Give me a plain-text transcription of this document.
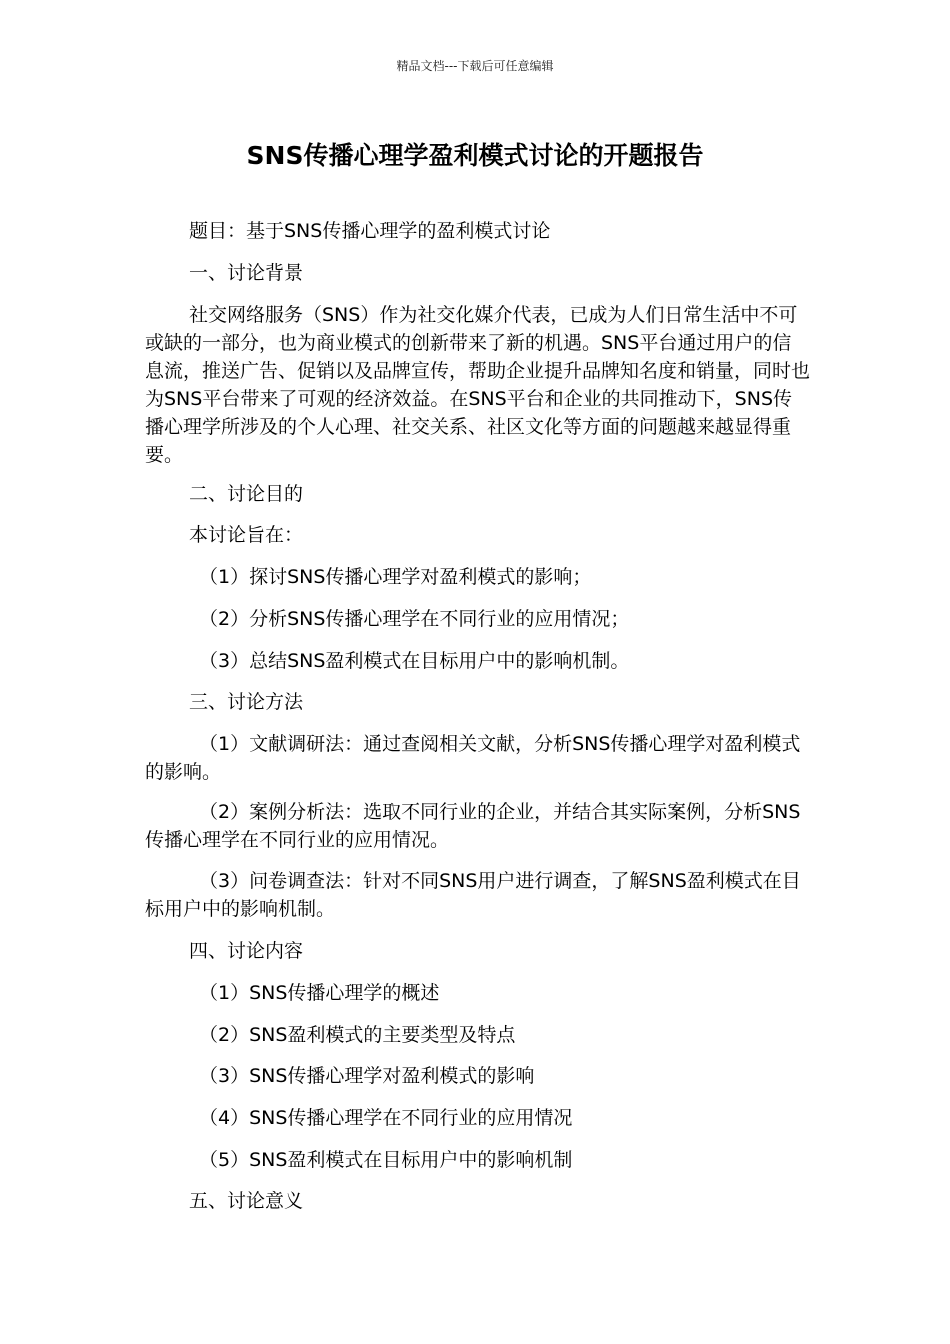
精品文档---下载后可任意编辑
SNS传播心理学盈利模式讨论的开题报告
题目：基于SNS传播心理学的盈利模式讨论
一、讨论背景
社交网络服务（SNS）作为社交化媒介代表，已成为人们日常生活中不可或缺的一部分，也为商业模式的创新带来了新的机遇。SNS平台通过用户的信息流，推送广告、促销以及品牌宣传，帮助企业提升品牌知名度和销量，同时也为SNS平台带来了可观的经济效益。在SNS平台和企业的共同推动下，SNS传播心理学所涉及的个人心理、社交关系、社区文化等方面的问题越来越显得重要。
二、讨论目的
本讨论旨在：
（1）探讨SNS传播心理学对盈利模式的影响；
（2）分析SNS传播心理学在不同行业的应用情况；
（3）总结SNS盈利模式在目标用户中的影响机制。
三、讨论方法
（1）文献调研法：通过查阅相关文献，分析SNS传播心理学对盈利模式的影响。
（2）案例分析法：选取不同行业的企业，并结合其实际案例，分析SNS传播心理学在不同行业的应用情况。
（3）问卷调查法：针对不同SNS用户进行调查，了解SNS盈利模式在目标用户中的影响机制。
四、讨论内容
（1）SNS传播心理学的概述
（2）SNS盈利模式的主要类型及特点
（3）SNS传播心理学对盈利模式的影响
（4）SNS传播心理学在不同行业的应用情况
（5）SNS盈利模式在目标用户中的影响机制
五、讨论意义
